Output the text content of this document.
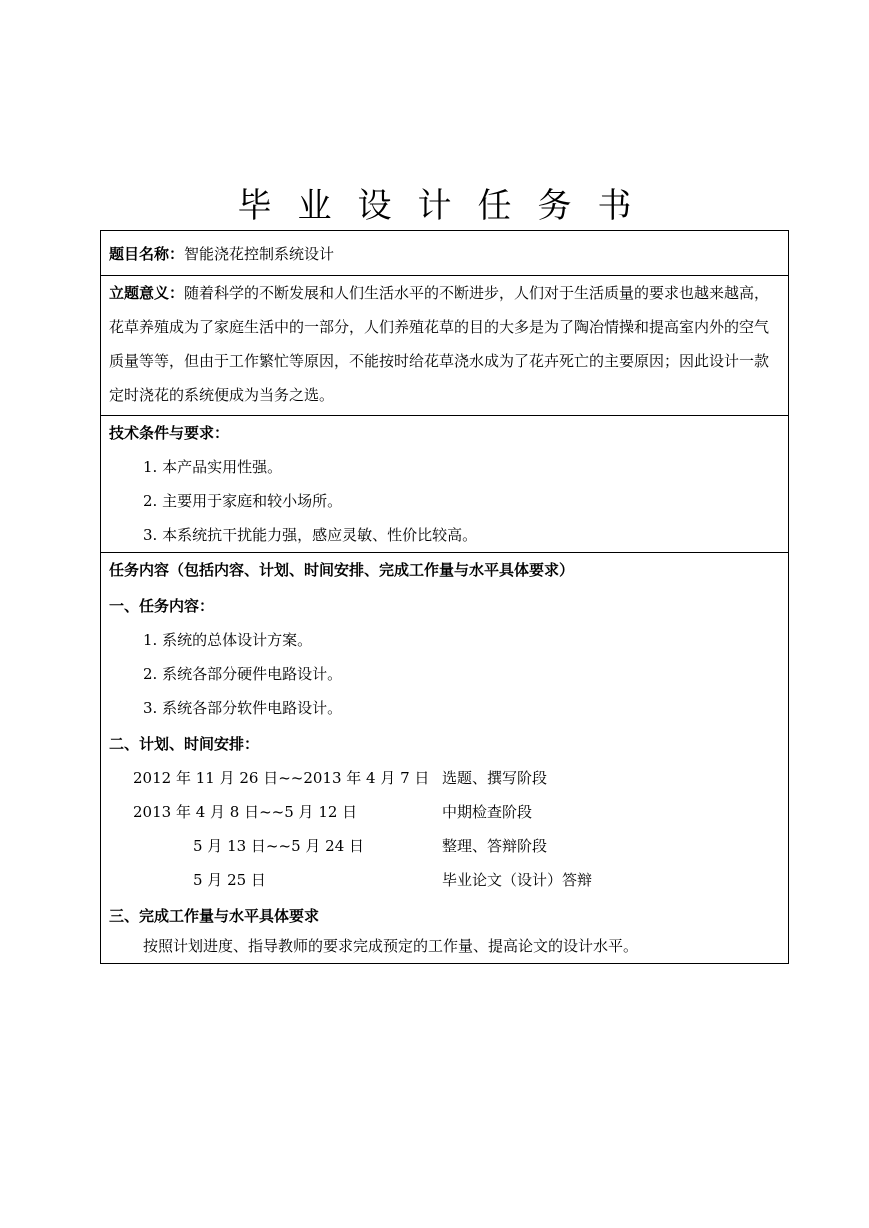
毕业设计任务书
题目名称：智能浇花控制系统设计
立题意义：随着科学的不断发展和人们生活水平的不断进步，人们对于生活质量的要求也越来越高，花草养殖成为了家庭生活中的一部分，人们养殖花草的目的大多是为了陶冶情操和提高室内外的空气质量等等，但由于工作繁忙等原因，不能按时给花草浇水成为了花卉死亡的主要原因；因此设计一款定时浇花的系统便成为当务之选。
技术条件与要求：
1. 本产品实用性强。
2. 主要用于家庭和较小场所。
3. 本系统抗干扰能力强，感应灵敏、性价比较高。
任务内容（包括内容、计划、时间安排、完成工作量与水平具体要求）
一、任务内容：
1. 系统的总体设计方案。
2. 系统各部分硬件电路设计。
3. 系统各部分软件电路设计。
二、计划、时间安排：
2012 年 11 月 26 日~~2013 年 4 月 7 日 选题、撰写阶段
2013 年 4 月 8 日~~5 月 12 日	中期检查阶段
5 月 13 日~~5 月 24 日	整理、答辩阶段
5 月 25 日	毕业论文（设计）答辩
三、完成工作量与水平具体要求
按照计划进度、指导教师的要求完成预定的工作量、提高论文的设计水平。
